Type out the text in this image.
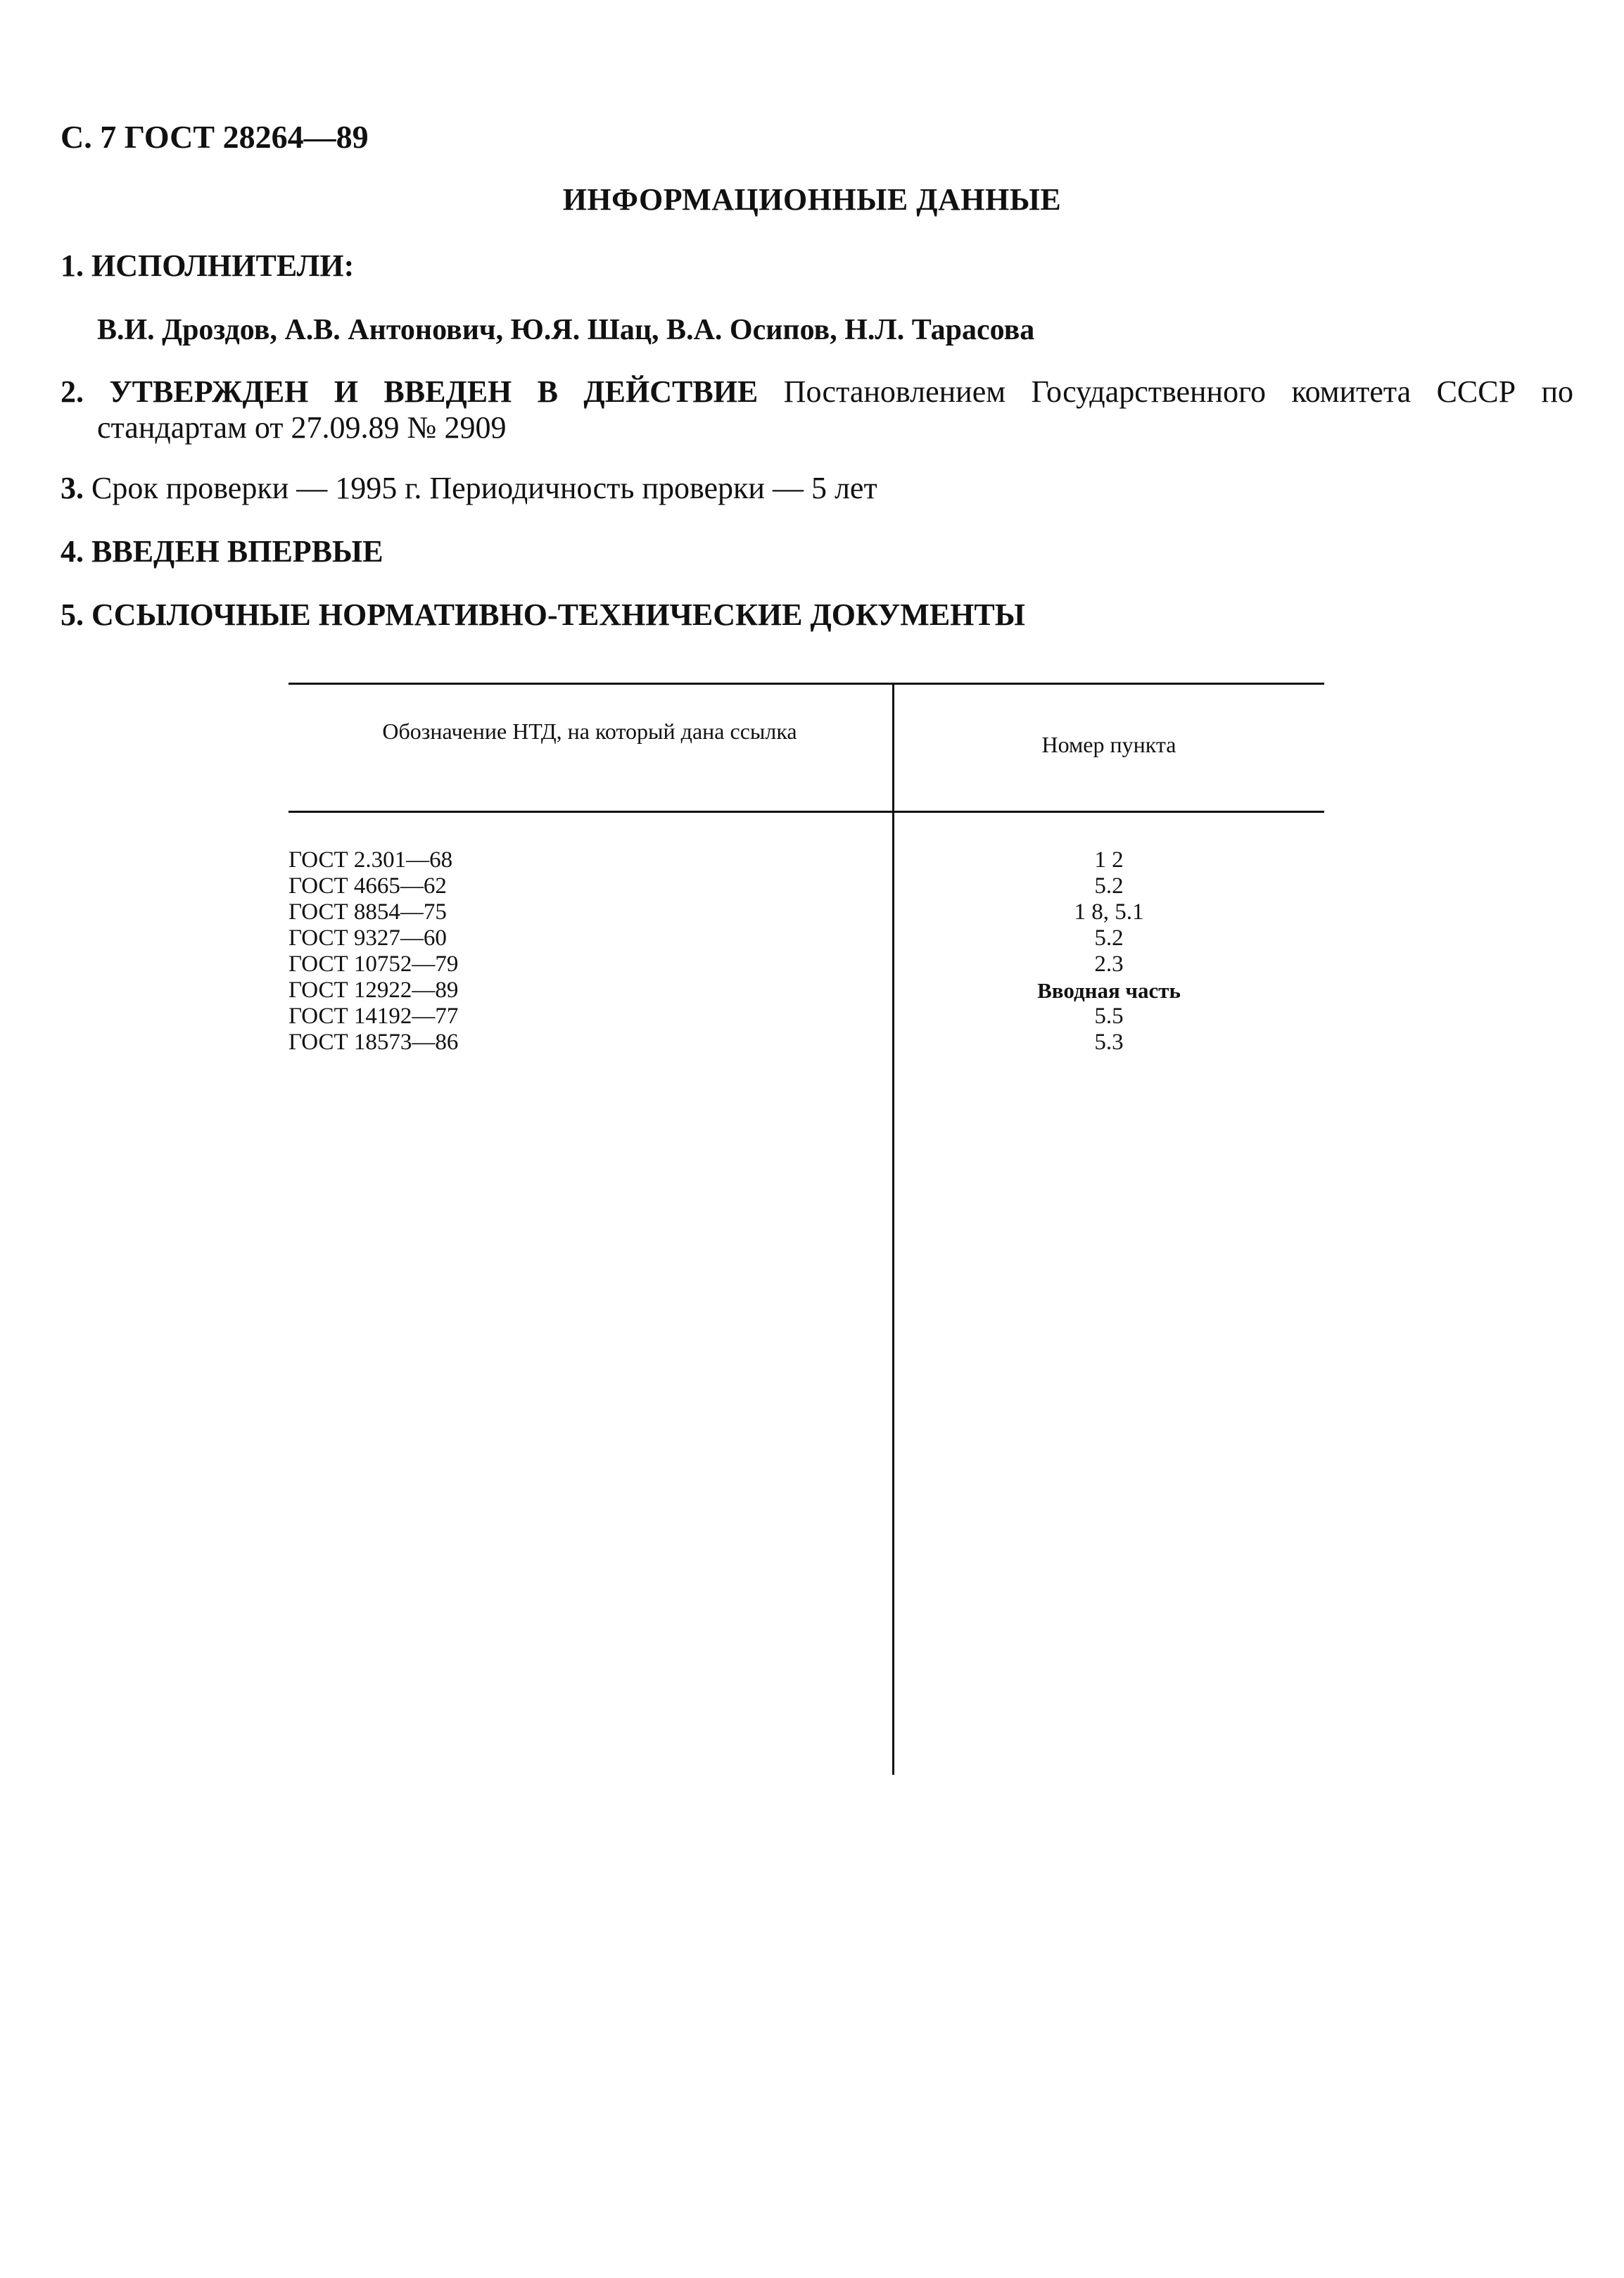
С. 7 ГОСТ 28264—89
ИНФОРМАЦИОННЫЕ ДАННЫЕ
1. ИСПОЛНИТЕЛИ:
В.И. Дроздов, А.В. Антонович, Ю.Я. Шац, В.А. Осипов, Н.Л. Тарасова
2. УТВЕРЖДЕН И ВВЕДЕН В ДЕЙСТВИЕ Постановлением Государственного комитета СССР по
стандартам от 27.09.89 № 2909
3. Срок проверки — 1995 г. Периодичность проверки — 5 лет
4. ВВЕДЕН ВПЕРВЫЕ
5. ССЫЛОЧНЫЕ НОРМАТИВНО-ТЕХНИЧЕСКИЕ ДОКУМЕНТЫ
Обозначение НТД, на который дана ссылка
Номер пункта
ГОСТ 2.301—68
ГОСТ 4665—62
ГОСТ 8854—75
ГОСТ 9327—60
ГОСТ 10752—79
ГОСТ 12922—89
ГОСТ 14192—77
ГОСТ 18573—86
1 2
5.2
1 8, 5.1
5.2
2.3
Вводная часть
5.5
5.3
